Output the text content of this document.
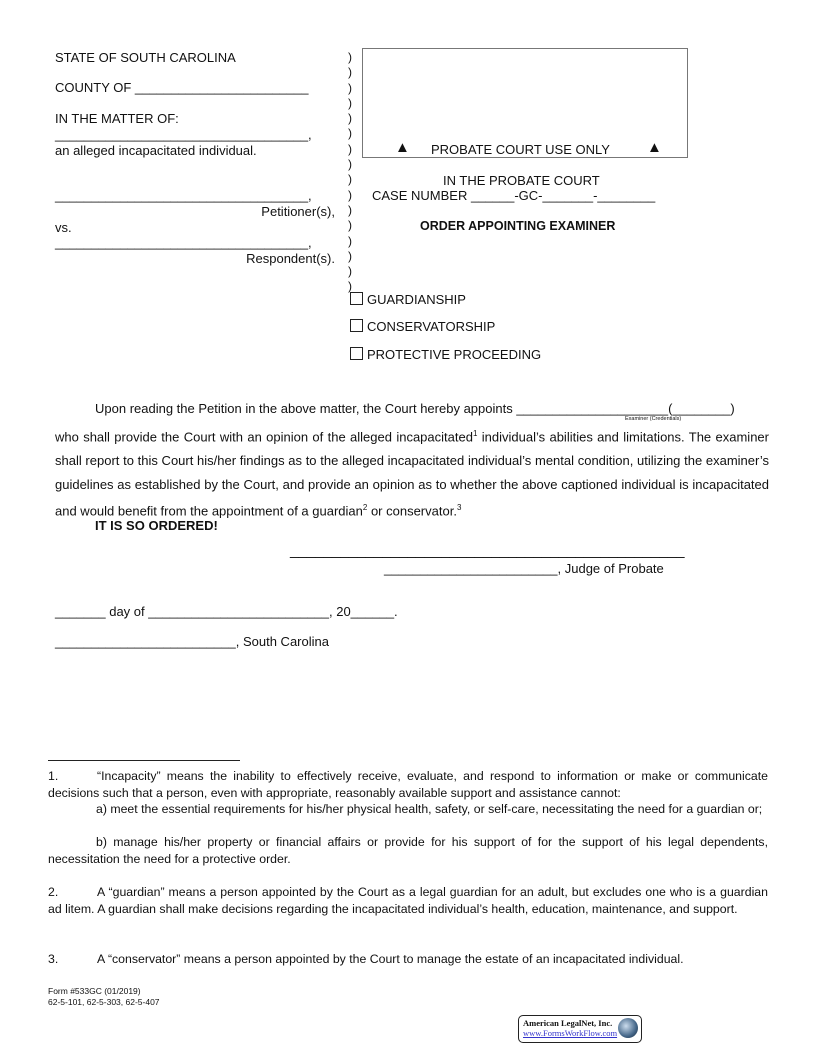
STATE OF SOUTH CAROLINA
COUNTY OF ________________________
IN THE MATTER OF:
___________________________________,
an alleged incapacitated individual.
___________________________________,
Petitioner(s),
vs.
___________________________________,
Respondent(s).
) ) ) ) ) ) ) ) ) ) ) ) ) ) ) )
▲ PROBATE COURT USE ONLY ▲
IN THE PROBATE COURT
CASE NUMBER ______-GC-_______-________
ORDER APPOINTING EXAMINER
GUARDIANSHIP
CONSERVATORSHIP
PROTECTIVE PROCEEDING
Upon reading the Petition in the above matter, the Court hereby appoints _____________________(________)
Examiner (Credentials)
who shall provide the Court with an opinion of the alleged incapacitated$^1$ individual’s abilities and limitations. The examiner shall report to this Court his/her findings as to the alleged incapacitated individual’s mental condition, utilizing the examiner’s guidelines as established by the Court, and provide an opinion as to whether the above captioned individual is incapacitated and would benefit from the appointment of a guardian$^2$ or conservator.$^3$
IT IS SO ORDERED!
_______________________________________________
________________________, Judge of Probate
_______ day of _________________________, 20______.
_________________________, South Carolina
1.	“Incapacity” means the inability to effectively receive, evaluate, and respond to information or make or communicate decisions such that a person, even with appropriate, reasonably available support and assistance cannot:
a) meet the essential requirements for his/her physical health, safety, or self-care, necessitating the need for a guardian or;
b) manage his/her property or financial affairs or provide for his support of for the support of his legal dependents, necessitation the need for a protective order.
2.	A “guardian” means a person appointed by the Court as a legal guardian for an adult, but excludes one who is a guardian ad litem. A guardian shall make decisions regarding the incapacitated individual’s health, education, maintenance, and support.
3.	A “conservator” means a person appointed by the Court to manage the estate of an incapacitated individual.
Form #533GC (01/2019)
62-5-101, 62-5-303, 62-5-407
American LegalNet, Inc.
www.FormsWorkFlow.com
